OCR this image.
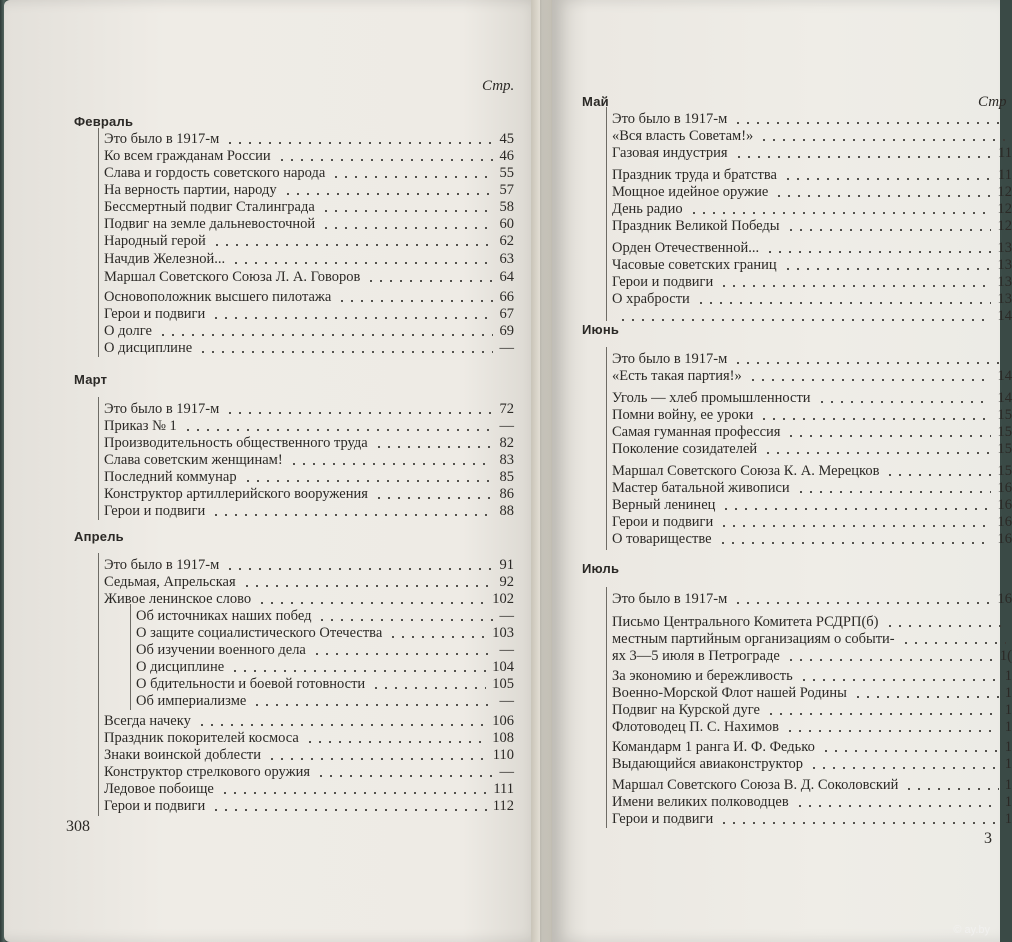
Стр.
308
Февраль
Это было в 1917-м	45
Ко всем гражданам России	46
Слава и гордость советского народа	55
На верность партии, народу	57
Бессмертный подвиг Сталинграда	58
Подвиг на земле дальневосточной	60
Народный герой	62
Начдив Железной...	63
Маршал Советского Союза Л. А. Говоров	64
Основоположник высшего пилотажа	66
Герои и подвиги	67
О долге	69
О дисциплине	—
Март
Это было в 1917-м	72
Приказ № 1	—
Производительность общественного труда	82
Слава советским женщинам!	83
Последний коммунар	85
Конструктор артиллерийского вооружения	86
Герои и подвиги	88
Апрель
Это было в 1917-м	91
Седьмая, Апрельская	92
Живое ленинское слово	102
Об источниках наших побед	—
О защите социалистического Отечества	103
Об изучении военного дела	—
О дисциплине	104
О бдительности и боевой готовности	105
Об империализме	—
Всегда начеку	106
Праздник покорителей космоса	108
Знаки воинской доблести	110
Конструктор стрелкового оружия	—
Ледовое побоище	111
Герои и подвиги	112
Стр
3
Май
Это было в 1917-м
«Вся власть Советам!»
Газовая индустрия	11
Праздник труда и братства	11
Мощное идейное оружие	12
День радио	12
Праздник Великой Победы	12
Орден Отечественной...	13
Часовые советских границ	13
Герои и подвиги	13
О храбрости	13
14
Июнь
Это было в 1917-м
«Есть такая партия!»	14
Уголь — хлеб промышленности	14
Помни войну, ее уроки	15
Самая гуманная профессия	15
Поколение созидателей	15
Маршал Советского Союза К. А. Мерецков	15
Мастер батальной живописи	16
Верный ленинец	16
Герои и подвиги	16
О товариществе	16
Июль
Это было в 1917-м	16
Письмо Центрального Комитета РСДРП(б)
местным партийным организациям о событи-
ях 3—5 июля в Петрограде	1(
За экономию и бережливость	1
Военно-Морской Флот нашей Родины	1
Подвиг на Курской дуге	1
Флотоводец П. С. Нахимов	1
Командарм 1 ранга И. Ф. Федько	1
Выдающийся авиаконструктор	1
Маршал Советского Союза В. Д. Соколовский	1
Имени великих полководцев	1
Герои и подвиги	1
© ay.by
